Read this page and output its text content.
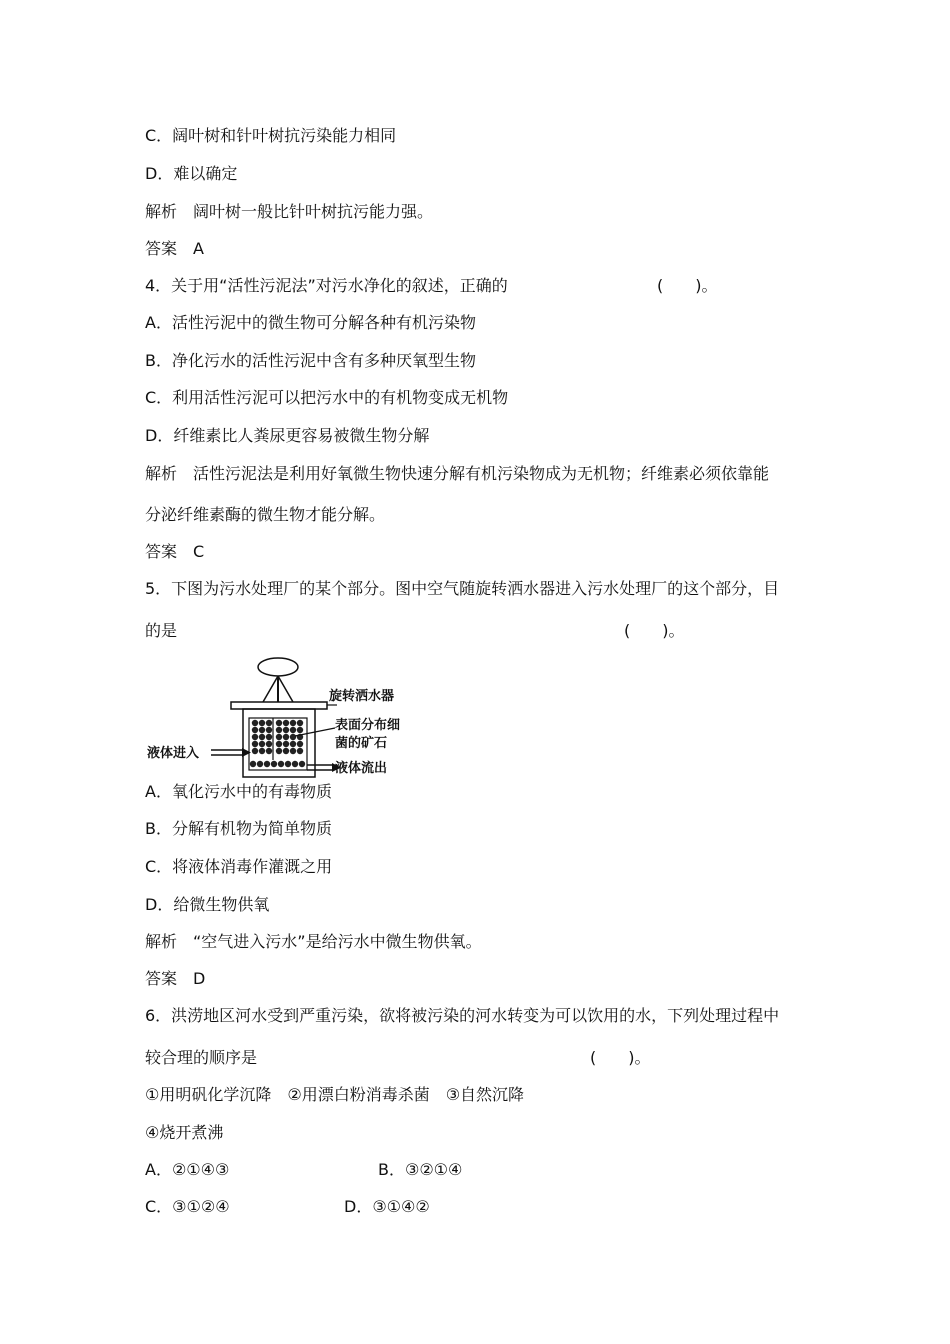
C．阔叶树和针叶树抗污染能力相同
D．难以确定
解析　阔叶树一般比针叶树抗污能力强。
答案　A
4．关于用“活性污泥法”对污水净化的叙述，正确的	(　　)。
A．活性污泥中的微生物可分解各种有机污染物
B．净化污水的活性污泥中含有多种厌氧型生物
C．利用活性污泥可以把污水中的有机物变成无机物
D．纤维素比人粪尿更容易被微生物分解
解析　活性污泥法是利用好氧微生物快速分解有机污染物成为无机物；纤维素必须依靠能
分泌纤维素酶的微生物才能分解。
答案　C
5．下图为污水处理厂的某个部分。图中空气随旋转洒水器进入污水处理厂的这个部分，目
的是	(　　)。
旋转洒水器
表面分布细
菌的矿石
液体进入
液体流出
A．氧化污水中的有毒物质
B．分解有机物为简单物质
C．将液体消毒作灌溉之用
D．给微生物供氧
解析　“空气进入污水”是给污水中微生物供氧。
答案　D
6．洪涝地区河水受到严重污染，欲将被污染的河水转变为可以饮用的水，下列处理过程中
较合理的顺序是	(　　)。
①用明矾化学沉降　②用漂白粉消毒杀菌　③自然沉降
④烧开煮沸
A．②①④③	B．③②①④
C．③①②④	D．③①④②
